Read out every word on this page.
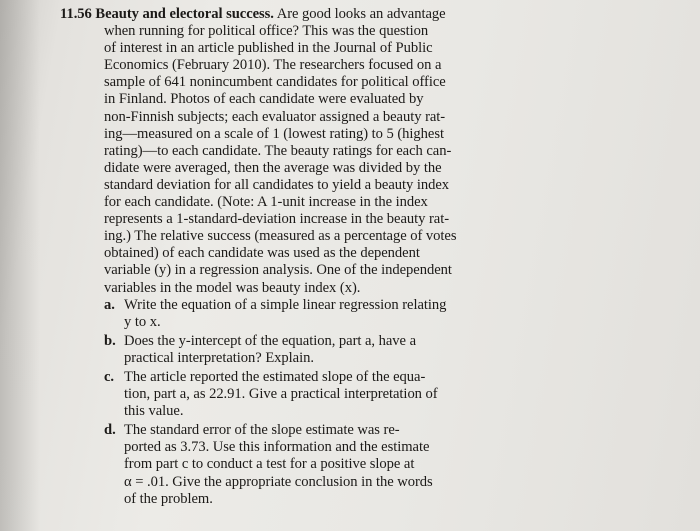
11.56 Beauty and electoral success. Are good looks an advantage
when running for political office? This was the question
of interest in an article published in the Journal of Public
Economics (February 2010). The researchers focused on a
sample of 641 nonincumbent candidates for political office
in Finland. Photos of each candidate were evaluated by
non-Finnish subjects; each evaluator assigned a beauty rat-
ing—measured on a scale of 1 (lowest rating) to 5 (highest
rating)—to each candidate. The beauty ratings for each can-
didate were averaged, then the average was divided by the
standard deviation for all candidates to yield a beauty index
for each candidate. (Note: A 1-unit increase in the index
represents a 1-standard-deviation increase in the beauty rat-
ing.) The relative success (measured as a percentage of votes
obtained) of each candidate was used as the dependent
variable (y) in a regression analysis. One of the independent
variables in the model was beauty index (x).
a. Write the equation of a simple linear regression relating
y to x.
b. Does the y-intercept of the equation, part a, have a
practical interpretation? Explain.
c. The article reported the estimated slope of the equa-
tion, part a, as 22.91. Give a practical interpretation of
this value.
d. The standard error of the slope estimate was re-
ported as 3.73. Use this information and the estimate
from part c to conduct a test for a positive slope at
α = .01. Give the appropriate conclusion in the words
of the problem.
